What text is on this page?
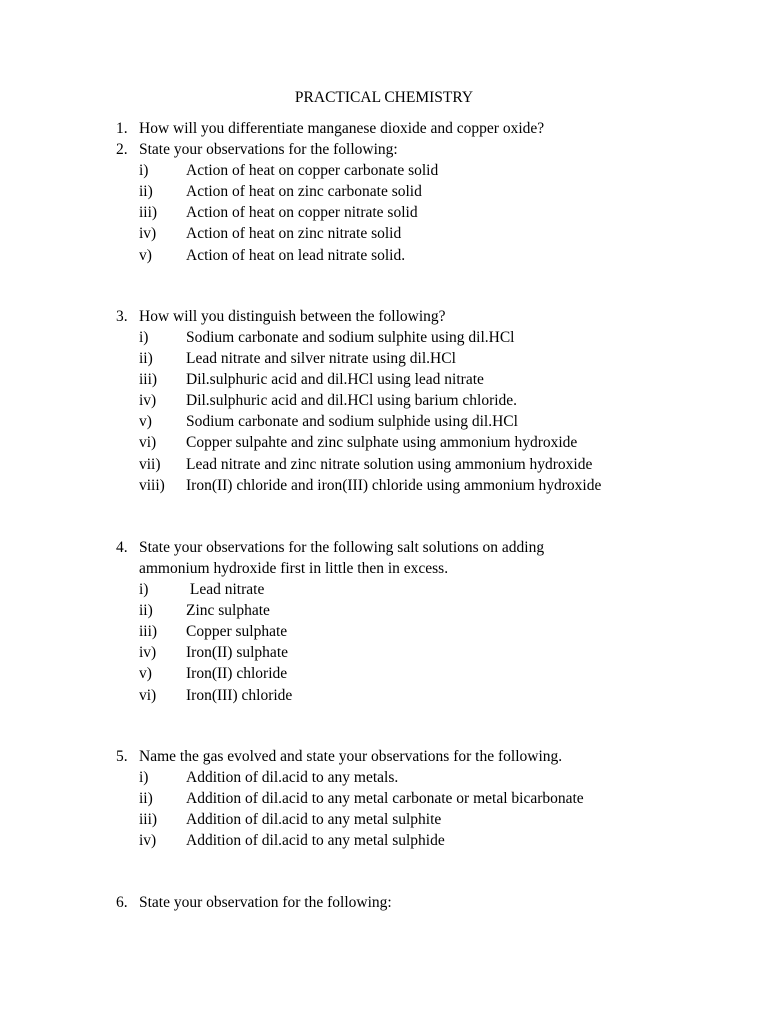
PRACTICAL CHEMISTRY
1. How will you differentiate manganese dioxide and copper oxide?
2. State your observations for the following:
i)	Action of heat on copper carbonate solid
ii)	Action of heat on zinc carbonate solid
iii)	Action of heat on copper nitrate solid
iv)	Action of heat on zinc nitrate solid
v)	Action of heat on lead nitrate solid.
3. How will you distinguish between the following?
i)	Sodium carbonate and sodium sulphite using dil.HCl
ii)	Lead nitrate and silver nitrate using dil.HCl
iii)	Dil.sulphuric acid and dil.HCl using lead nitrate
iv)	Dil.sulphuric acid and dil.HCl using barium chloride.
v)	Sodium carbonate and sodium sulphide using dil.HCl
vi)	Copper sulpahte and zinc sulphate using ammonium hydroxide
vii)	Lead nitrate and zinc nitrate solution using ammonium hydroxide
viii)	Iron(II) chloride and iron(III) chloride using ammonium hydroxide
4. State your observations for the following salt solutions on adding
ammonium hydroxide first in little then in excess.
i)	Lead nitrate
ii)	Zinc sulphate
iii)	Copper sulphate
iv)	Iron(II) sulphate
v)	Iron(II) chloride
vi)	Iron(III) chloride
5. Name the gas evolved and state your observations for the following.
i)	Addition of dil.acid to any metals.
ii)	Addition of dil.acid to any metal carbonate or metal bicarbonate
iii)	Addition of dil.acid to any metal sulphite
iv)	Addition of dil.acid to any metal sulphide
6. State your observation for the following:
